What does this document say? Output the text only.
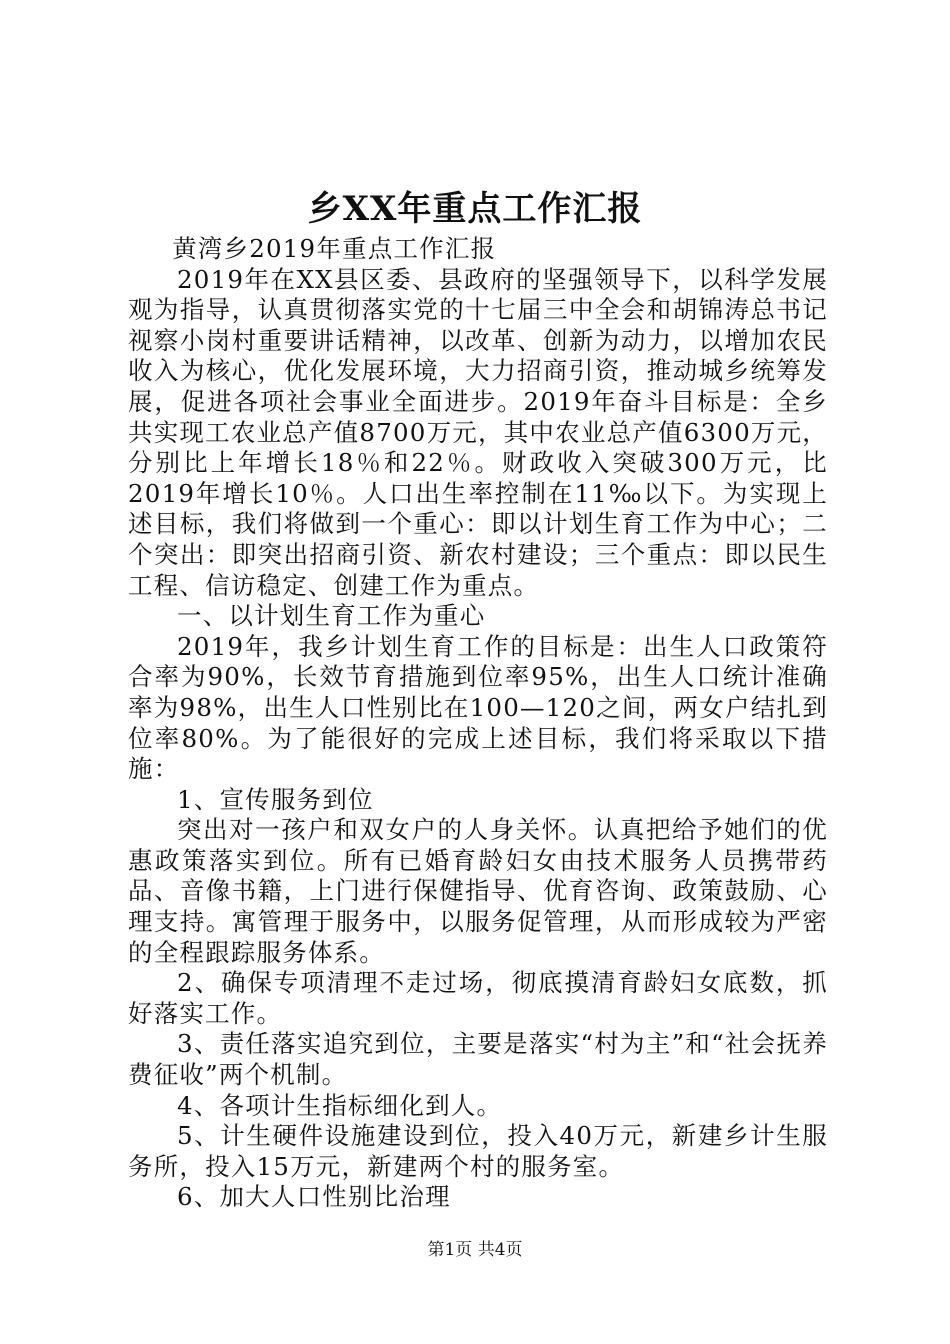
乡XX年重点工作汇报

黄湾乡2019年重点工作汇报

2019年在XX县区委、县政府的坚强领导下，以科学发展观为指导，认真贯彻落实党的十七届三中全会和胡锦涛总书记视察小岗村重要讲话精神，以改革、创新为动力，以增加农民收入为核心，优化发展环境，大力招商引资，推动城乡统筹发展，促进各项社会事业全面进步。2019年奋斗目标是：全乡共实现工农业总产值8700万元，其中农业总产值6300万元，分别比上年增长18％和22％。财政收入突破300万元，比2019年增长10％。人口出生率控制在11‰以下。为实现上述目标，我们将做到一个重心：即以计划生育工作为中心；二个突出：即突出招商引资、新农村建设；三个重点：即以民生工程、信访稳定、创建工作为重点。

一、以计划生育工作为重心

2019年，我乡计划生育工作的目标是：出生人口政策符合率为90%，长效节育措施到位率95%，出生人口统计准确率为98%，出生人口性别比在100—120之间，两女户结扎到位率80%。为了能很好的完成上述目标，我们将采取以下措施：

1、宣传服务到位

突出对一孩户和双女户的人身关怀。认真把给予她们的优惠政策落实到位。所有已婚育龄妇女由技术服务人员携带药品、音像书籍，上门进行保健指导、优育咨询、政策鼓励、心理支持。寓管理于服务中，以服务促管理，从而形成较为严密的全程跟踪服务体系。

2、确保专项清理不走过场，彻底摸清育龄妇女底数，抓好落实工作。

3、责任落实追究到位，主要是落实“村为主”和“社会抚养费征收”两个机制。

4、各项计生指标细化到人。

5、计生硬件设施建设到位，投入40万元，新建乡计生服务所，投入15万元，新建两个村的服务室。

6、加大人口性别比治理

第1页 共4页
